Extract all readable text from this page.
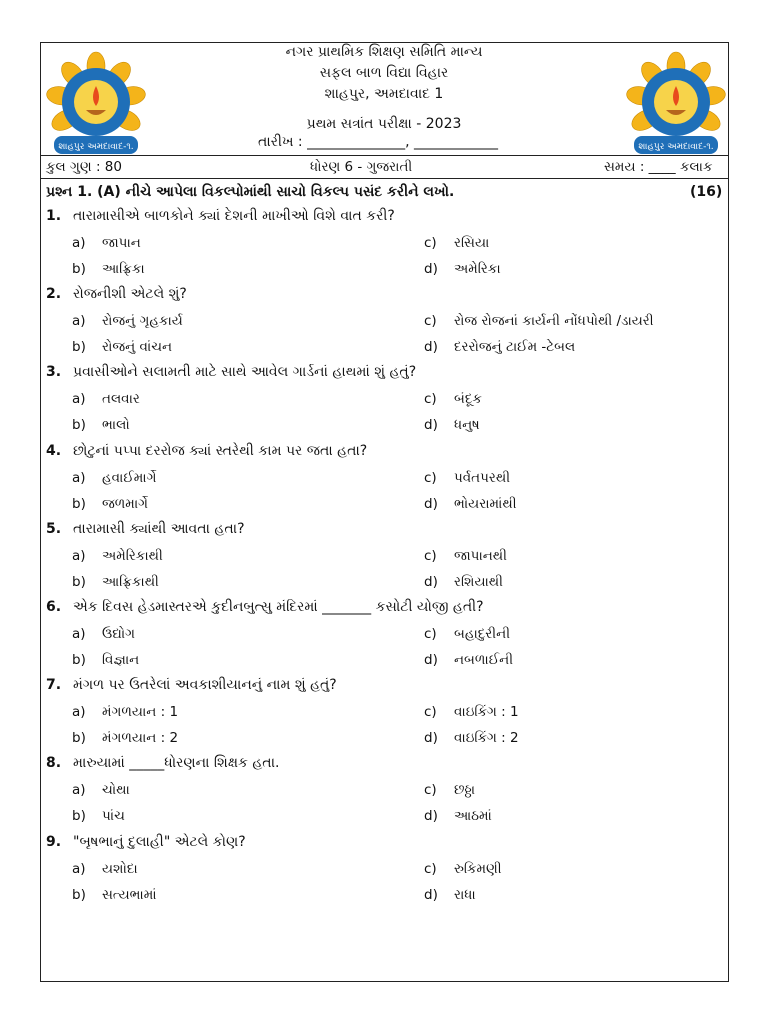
શાહપુર અમદાવાદ-૧.	શાહપુર અમદાવાદ-૧.
નગર પ્રાથમિક શિક્ષણ સમિતિ માન્ય
સફલ બાળ વિદ્યા વિહાર
શાહપુર, અમદાવાદ 1
પ્રથમ સત્રાંત પરીક્ષા - 2023
તારીખ : ______________, ____________
કુલ ગુણ : 80	ધોરણ 6 - ગુજરાતી	સમય : ____ કલાક
પ્રશ્ન 1. (A) નીચે આપેલા વિકલ્પોમાંથી સાચો વિકલ્પ પસંદ કરીને લખો.	(16)
1. તારામાસીએ બાળકોને ક્યાં દેશની માખીઓ વિશે વાત કરી?
a) જાપાન
b) આફ્રિકા
c) રસિયા
d) અમેરિકા
2. રોજનીશી એટલે શું?
a) રોજનું ગૃહકાર્ય
b) રોજનું વાંચન
c) રોજ રોજનાં કાર્યની નોંધપોથી /ડાયરી
d) દરરોજનું ટાઈમ -ટેબલ
3. પ્રવાસીઓને સલામતી માટે સાથે આવેલ ગાર્ડનાં હાથમાં શું હતું?
a) તલવાર
b) ભાલો
c) બંદૂક
d) ધનુષ
4. છોટુનાં પપ્પા દરરોજ ક્યાં સ્તરેથી કામ પર જતા હતા?
a) હવાઈમાર્ગે
b) જળમાર્ગે
c) પર્વતપરથી
d) ભોયરામાંથી
5. તારામાસી ક્યાંથી આવતા હતા?
a) અમેરિકાથી
b) આફ્રિકાથી
c) જાપાનથી
d) રશિયાથી
6. એક દિવસ હેડમાસ્તરએ કુદીનબુત્સુ મંદિરમાં _______ કસોટી યોજી હતી?
a) ઉદ્યોગ
b) વિજ્ઞાન
c) બહાદુરીની
d) નબળાઈની
7. મંગળ પર ઉતરેલાં અવકાશીયાનનું નામ શું હતું?
a) મંગળયાન : 1
b) મંગળયાન : 2
c) વાઇકિંગ : 1
d) વાઇકિંગ : 2
8. મારુયામાં _____ધોરણના શિક્ષક હતા.
a) ચોથા
b) પાંચ
c) છઠ્ઠા
d) આઠમાં
9. "બૃષભાનું દુલાહી" એટલે કોણ?
a) યશોદા
b) સત્યભામાં
c) રુકિમણી
d) રાધા
